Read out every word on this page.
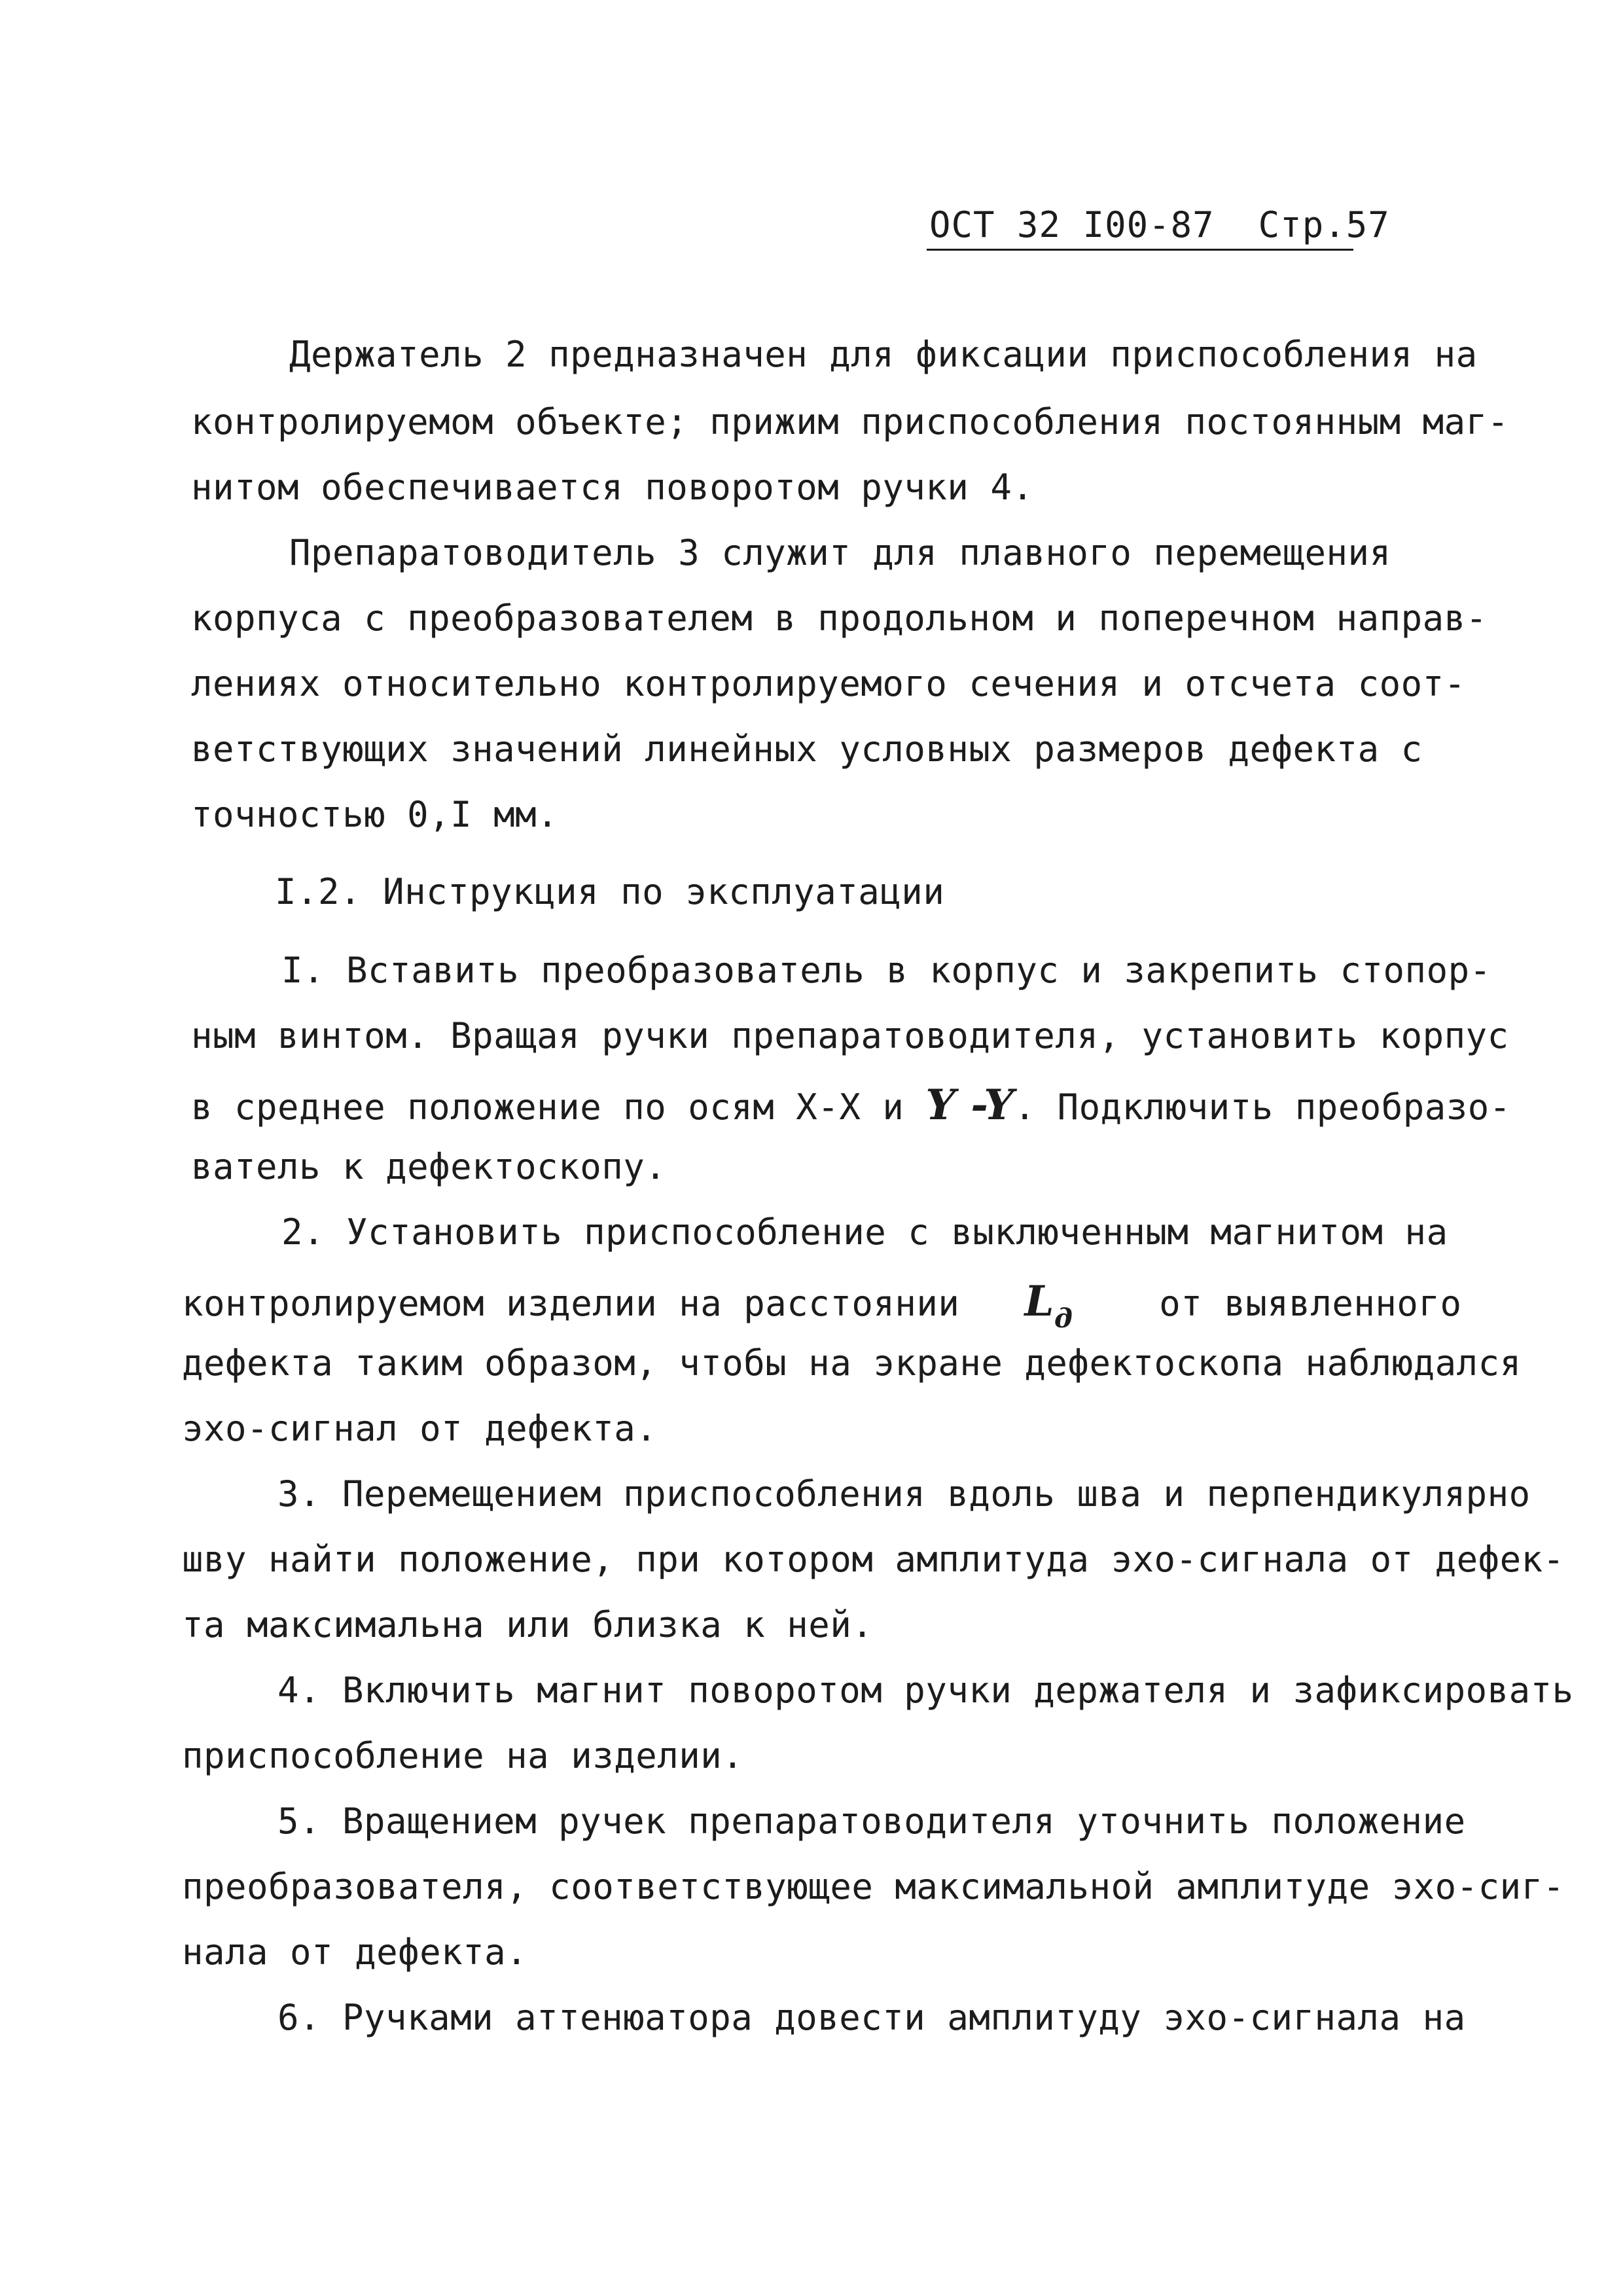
ОСТ 32 I00-87 Стр.57
Держатель 2 предназначен для фиксации приспособления на
контролируемом объекте; прижим приспособления постоянным маг-
нитом обеспечивается поворотом ручки 4.
Препаратоводитель 3 служит для плавного перемещения
корпуса с преобразователем в продольном и поперечном направ-
лениях относительно контролируемого сечения и отсчета соот-
ветствующих значений линейных условных размеров дефекта с
точностью 0,I мм.
I.2. Инструкция по эксплуатации
I. Вставить преобразователь в корпус и закрепить стопор-
ным винтом. Вращая ручки препаратоводителя, установить корпус
в среднее положение по осям Х-Х и Y -Y. Подключить преобразо-
ватель к дефектоскопу.
2. Установить приспособление с выключенным магнитом на
контролируемом изделии на расстоянии   $L_д$    от выявленного
дефекта таким образом, чтобы на экране дефектоскопа наблюдался
эхо-сигнал от дефекта.
3. Перемещением приспособления вдоль шва и перпендикулярно
шву найти положение, при котором амплитуда эхо-сигнала от дефек-
та максимальна или близка к ней.
4. Включить магнит поворотом ручки держателя и зафиксировать
приспособление на изделии.
5. Вращением ручек препаратоводителя уточнить положение
преобразователя, соответствующее максимальной амплитуде эхо-сиг-
нала от дефекта.
6. Ручками аттенюатора довести амплитуду эхо-сигнала на
